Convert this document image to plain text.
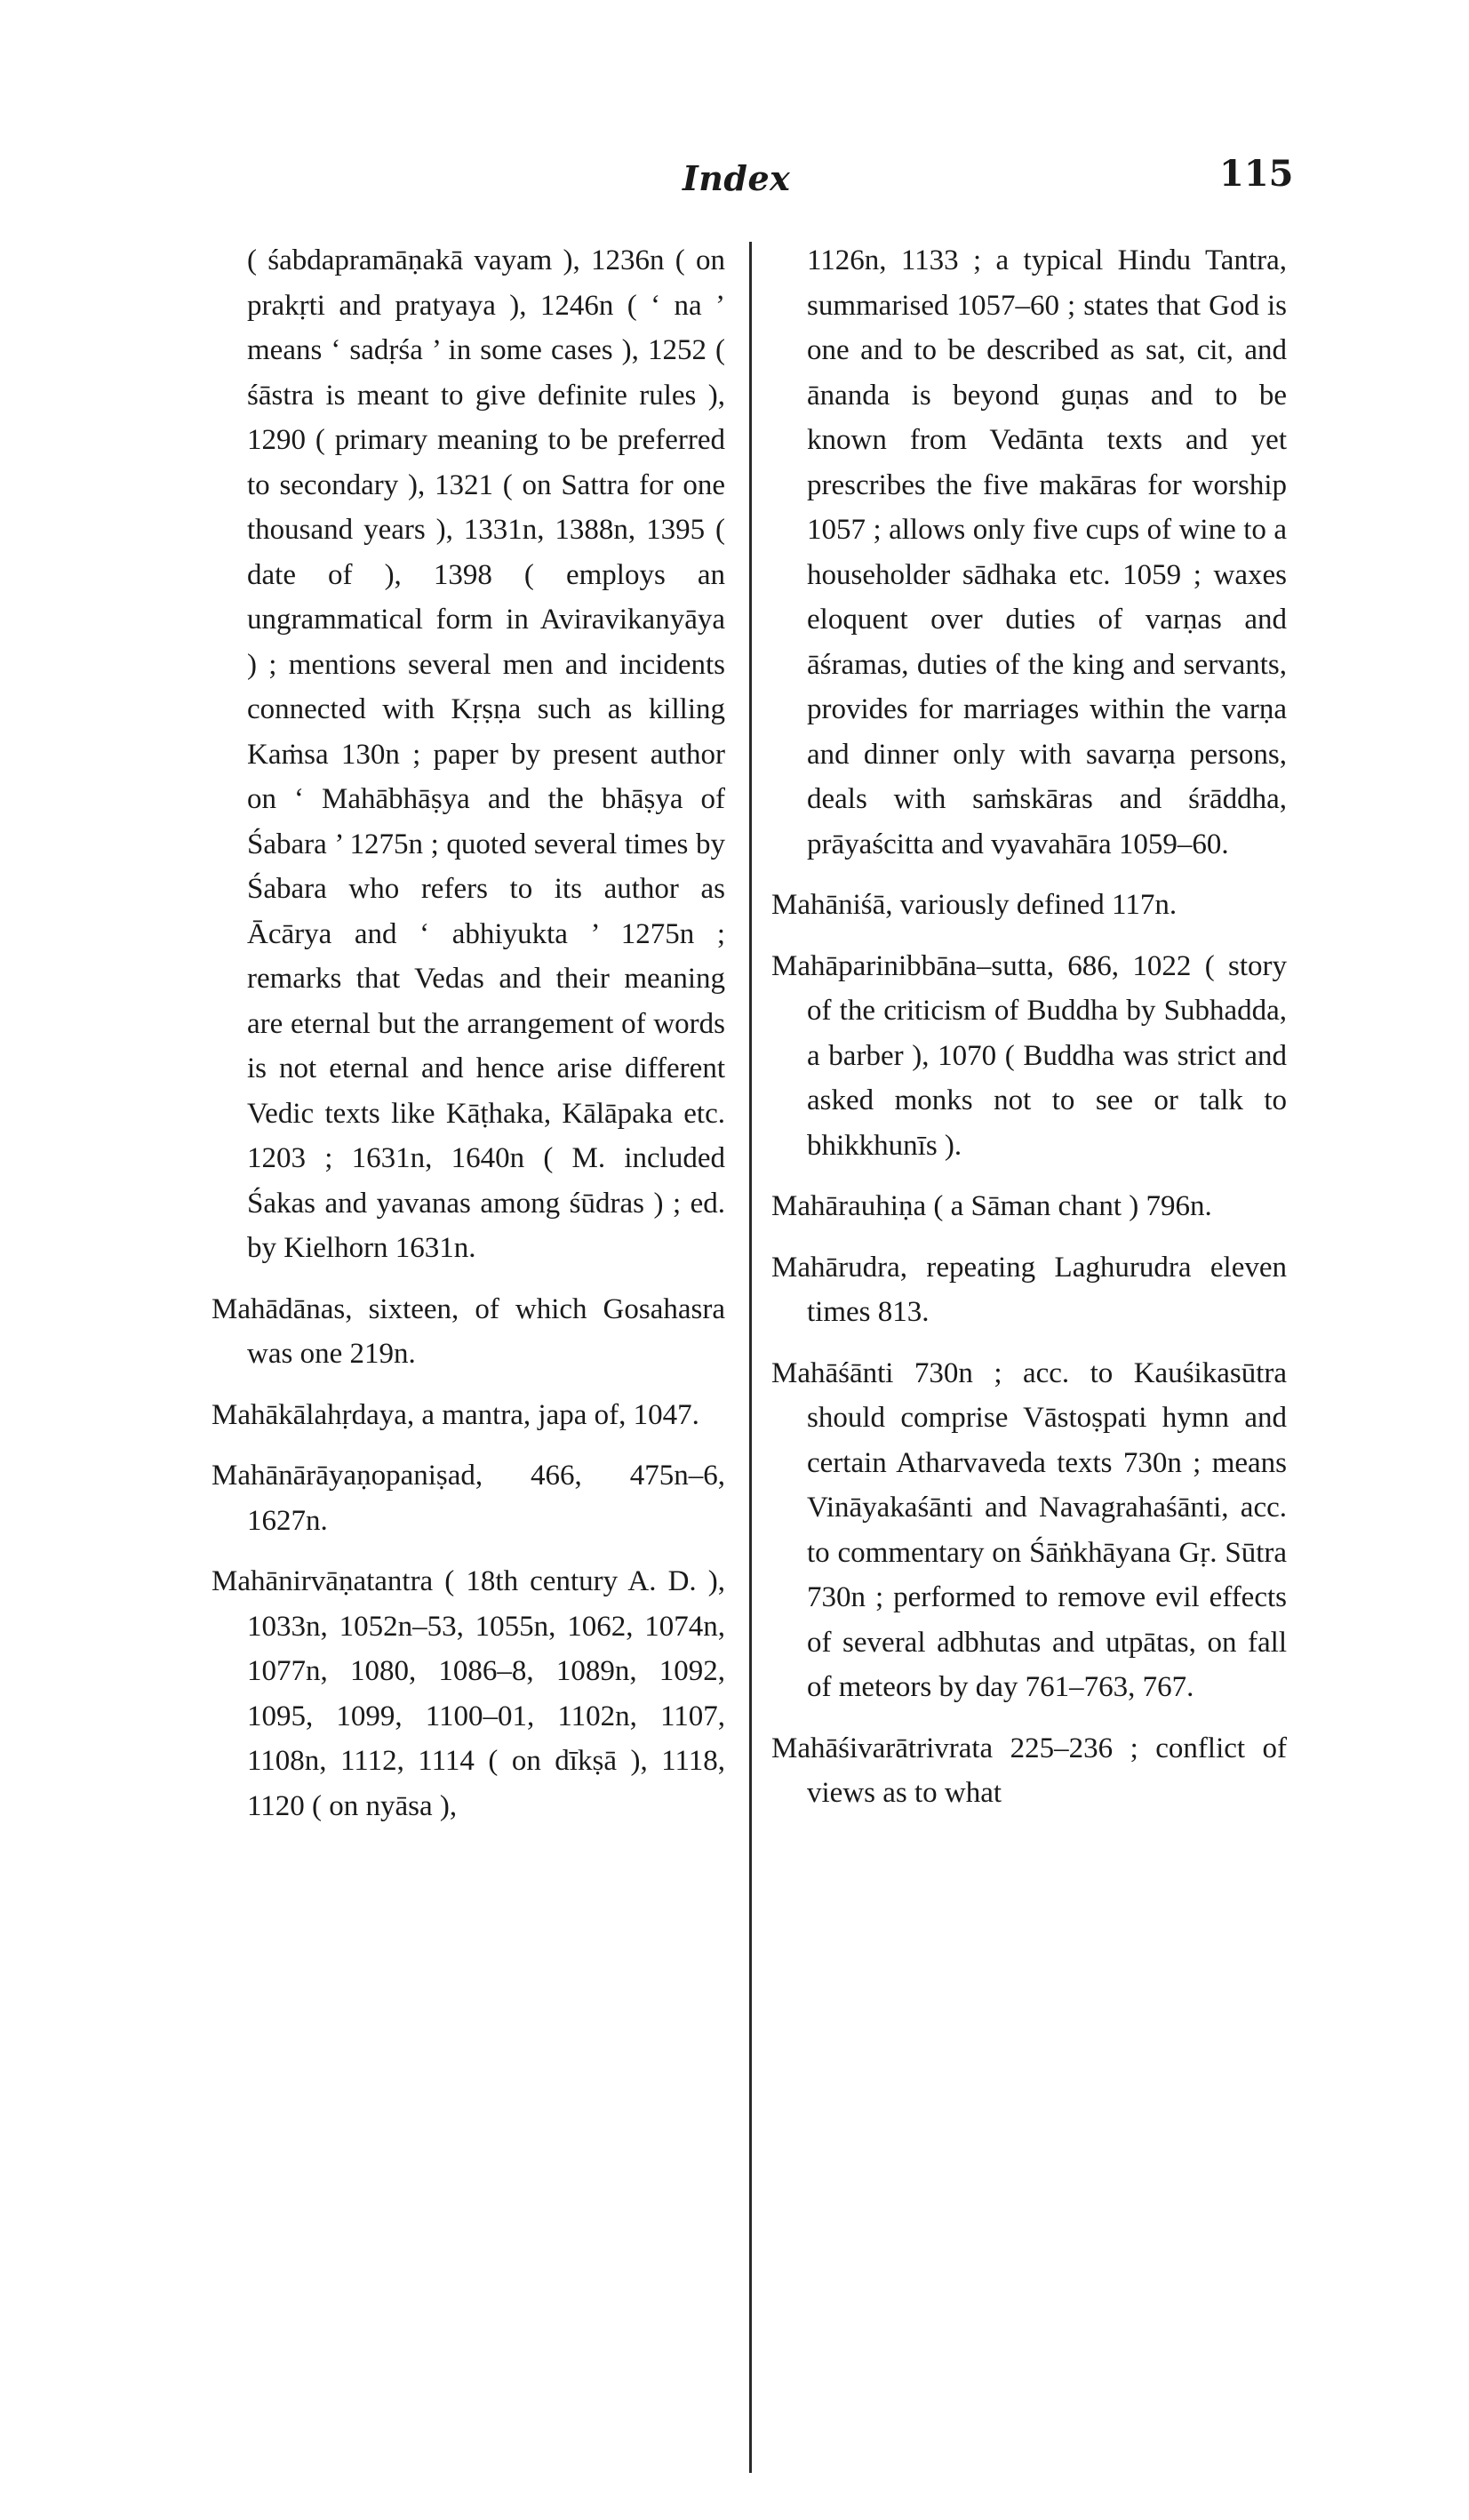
Index	115

( śabdapramāṇakā vayam ), 1236n ( on prakṛti and pratyaya ), 1246n ( ‘ na ’ means ‘ sadṛśa ’ in some cases ), 1252 ( śāstra is meant to give definite rules ), 1290 ( primary meaning to be preferred to secondary ), 1321 ( on Sattra for one thousand years ), 1331n, 1388n, 1395 ( date of ), 1398 ( employs an ungrammatical form in Aviravikanyāya ) ; mentions several men and incidents connected with Kṛṣṇa such as killing Kaṁsa 130n ; paper by present author on ‘ Mahābhāṣya and the bhāṣya of Śabara ’ 1275n ; quoted several times by Śabara who refers to its author as Ācārya and ‘ abhiyukta ’ 1275n ; remarks that Vedas and their meaning are eternal but the arrangement of words is not eternal and hence arise different Vedic texts like Kāṭhaka, Kālāpaka etc. 1203 ; 1631n, 1640n ( M. included Śakas and yavanas among śūdras ) ; ed. by Kielhorn 1631n.

Mahādānas, sixteen, of which Gosahasra was one 219n.

Mahākālahṛdaya, a mantra, japa of, 1047.

Mahānārāyaṇopaniṣad, 466, 475n–6, 1627n.

Mahānirvāṇatantra ( 18th century A. D. ), 1033n, 1052n–53, 1055n, 1062, 1074n, 1077n, 1080, 1086–8, 1089n, 1092, 1095, 1099, 1100–01, 1102n, 1107, 1108n, 1112, 1114 ( on dīkṣā ), 1118, 1120 ( on nyāsa ),

1126n, 1133 ; a typical Hindu Tantra, summarised 1057–60 ; states that God is one and to be described as sat, cit, and ānanda is beyond guṇas and to be known from Vedānta texts and yet prescribes the five makāras for worship 1057 ; allows only five cups of wine to a householder sādhaka etc. 1059 ; waxes eloquent over duties of varṇas and āśramas, duties of the king and servants, provides for marriages within the varṇa and dinner only with savarṇa persons, deals with saṁskāras and śrāddha, prāyaścitta and vyavahāra 1059–60.

Mahāniśā, variously defined 117n.

Mahāparinibbāna–sutta, 686, 1022 ( story of the criticism of Buddha by Subhadda, a barber ), 1070 ( Buddha was strict and asked monks not to see or talk to bhikkhunīs ).

Mahārauhiṇa ( a Sāman chant ) 796n.

Mahārudra, repeating Laghurudra eleven times 813.

Mahāśānti 730n ; acc. to Kauśikasūtra should comprise Vāstoṣpati hymn and certain Atharvaveda texts 730n ; means Vināyakaśānti and Navagrahaśānti, acc. to commentary on Śāṅkhāyana Gṛ. Sūtra 730n ; performed to remove evil effects of several adbhutas and utpātas, on fall of meteors by day 761–763, 767.

Mahāśivarātrivrata 225–236 ; conflict of views as to what
